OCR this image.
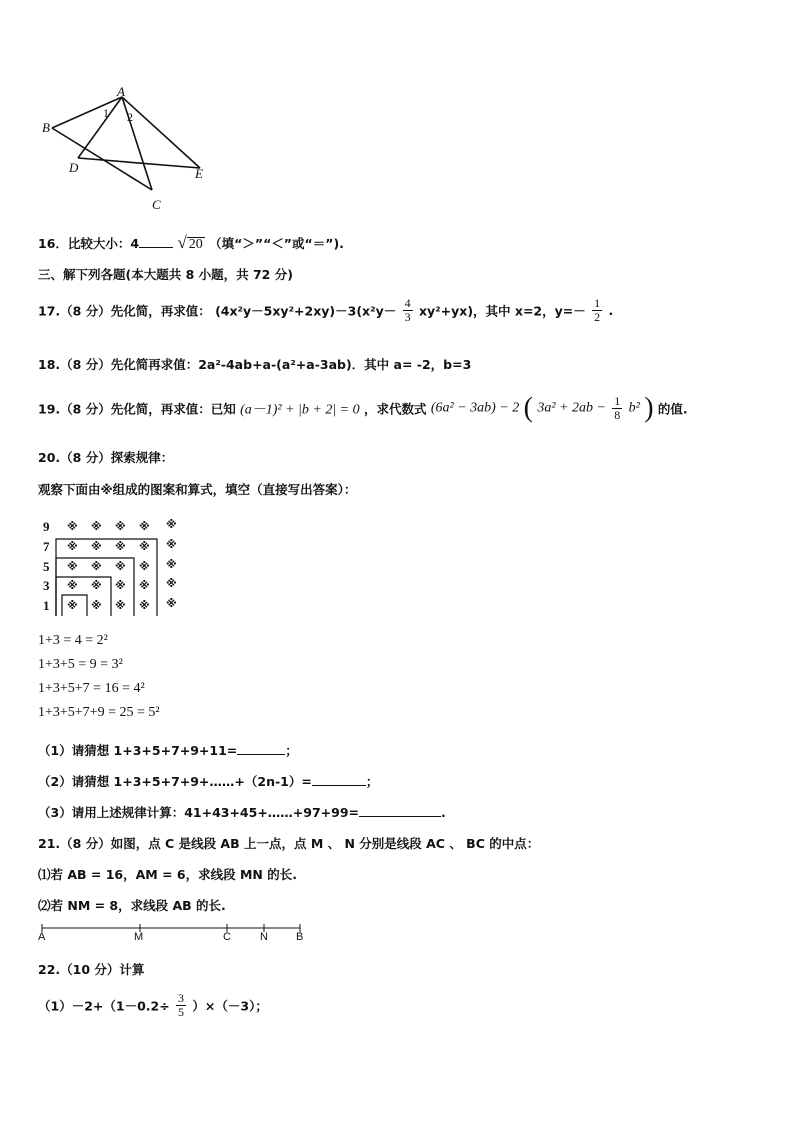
A
B
C
D	E
1 2
16．比较大小：4 √ 20 （填“＞”“＜”或“＝”).
三、解下列各题(本大题共 8 小题，共 72 分)
17.（8 分）先化简，再求值： $(4x^2y-5xy^2+2xy)-3(x^2y- \frac{4}{3} xy^2+yx)$，其中 x=2，$y=- \frac{1}{2}$ .
18.（8 分）先化简再求值：2a²-4ab+a-(a²+a-3ab)．其中 a= -2，b=3
19.（8 分）先化简，再求值：已知 (a－1)² + |b + 2| = 0 ，求代数式 (6a² − 3ab) − 2 ( $3a^2 + 2ab - \frac{1}{8} b^2$ ) 的值.
20.（8 分）探索规律：
观察下面由※组成的图案和算式，填空（直接写出答案）：
9
7
5
3
1
※ ※ ※ ※ ※
※ ※ ※ ※ ※
※ ※ ※ ※ ※
※ ※ ※ ※ ※
※ ※ ※ ※ ※
1+3 = 4 = 2²
1+3+5 = 9 = 3²
1+3+5+7 = 16 = 4²
1+3+5+7+9 = 25 = 5²
（1）请猜想 1+3+5+7+9+11=	；
（2）请猜想 1+3+5+7+9+……+（2n-1）=	；
（3）请用上述规律计算：41+43+45+……+97+99=	.
21.（8 分）如图，点 C 是线段 AB 上一点，点 M 、 N 分别是线段 AC 、 BC 的中点：
⑴若 AB = 16，AM = 6，求线段 MN 的长.
⑵若 NM = 8，求线段 AB 的长.
A	M	C	N	B
22.（10 分）计算
$(1)-2+(1-0.2\div \frac{3}{5} )\times(-3)$；
